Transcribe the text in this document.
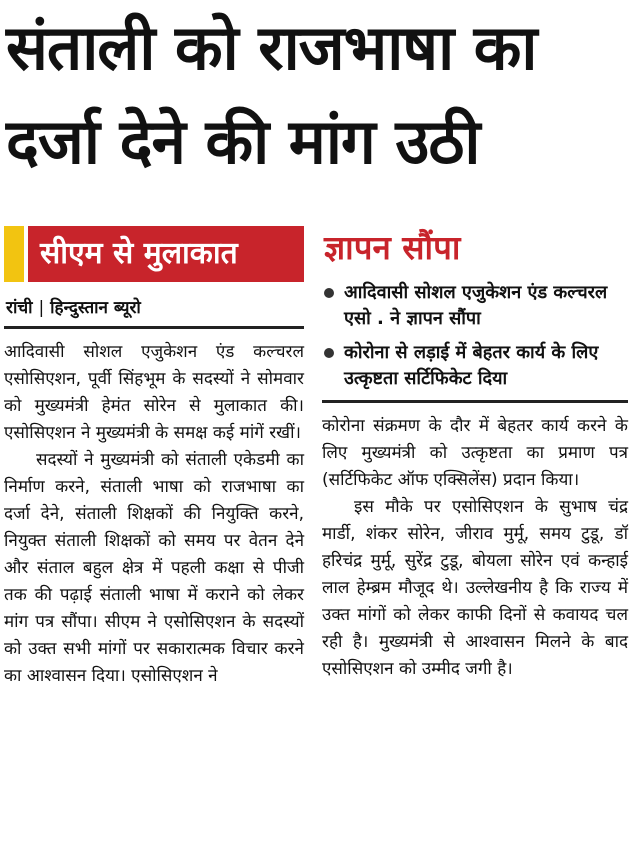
संताली को राजभाषा का
दर्जा देने की मांग उठी
सीएम से मुलाकात
रांची | हिन्दुस्तान ब्यूरो

आदिवासी सोशल एजुकेशन एंड कल्चरल एसोसिएशन, पूर्वी सिंहभूम के सदस्यों ने सोमवार को मुख्यमंत्री हेमंत सोरेन से मुलाकात की। एसोसिएशन ने मुख्यमंत्री के समक्ष कई मांगें रखीं।

सदस्यों ने मुख्यमंत्री को संताली एकेडमी का निर्माण करने, संताली भाषा को राजभाषा का दर्जा देने, संताली शिक्षकों की नियुक्ति करने, नियुक्त संताली शिक्षकों को समय पर वेतन देने और संताल बहुल क्षेत्र में पहली कक्षा से पीजी तक की पढ़ाई संताली भाषा में कराने को लेकर मांग पत्र सौंपा। सीएम ने एसोसिएशन के सदस्यों को उक्त सभी मांगों पर सकारात्मक विचार करने का आश्वासन दिया। एसोसिएशन ने

ज्ञापन सौंपा
आदिवासी सोशल एजुकेशन एंड कल्चरल एसो . ने ज्ञापन सौंपा
कोरोना से लड़ाई में बेहतर कार्य के लिए उत्कृष्टता सर्टिफिकेट दिया

कोरोना संक्रमण के दौर में बेहतर कार्य करने के लिए मुख्यमंत्री को उत्कृष्टता का प्रमाण पत्र (सर्टिफिकेट ऑफ एक्सिलेंस) प्रदान किया।

इस मौके पर एसोसिएशन के सुभाष चंद्र मार्डी, शंकर सोरेन, जीराव मुर्मू, समय टुडू, डॉ हरिचंद्र मुर्मू, सुरेंद्र टुडू, बोयला सोरेन एवं कन्हाई लाल हेम्ब्रम मौजूद थे। उल्लेखनीय है कि राज्य में उक्त मांगों को लेकर काफी दिनों से कवायद चल रही है। मुख्यमंत्री से आश्वासन मिलने के बाद एसोसिएशन को उम्मीद जगी है।
